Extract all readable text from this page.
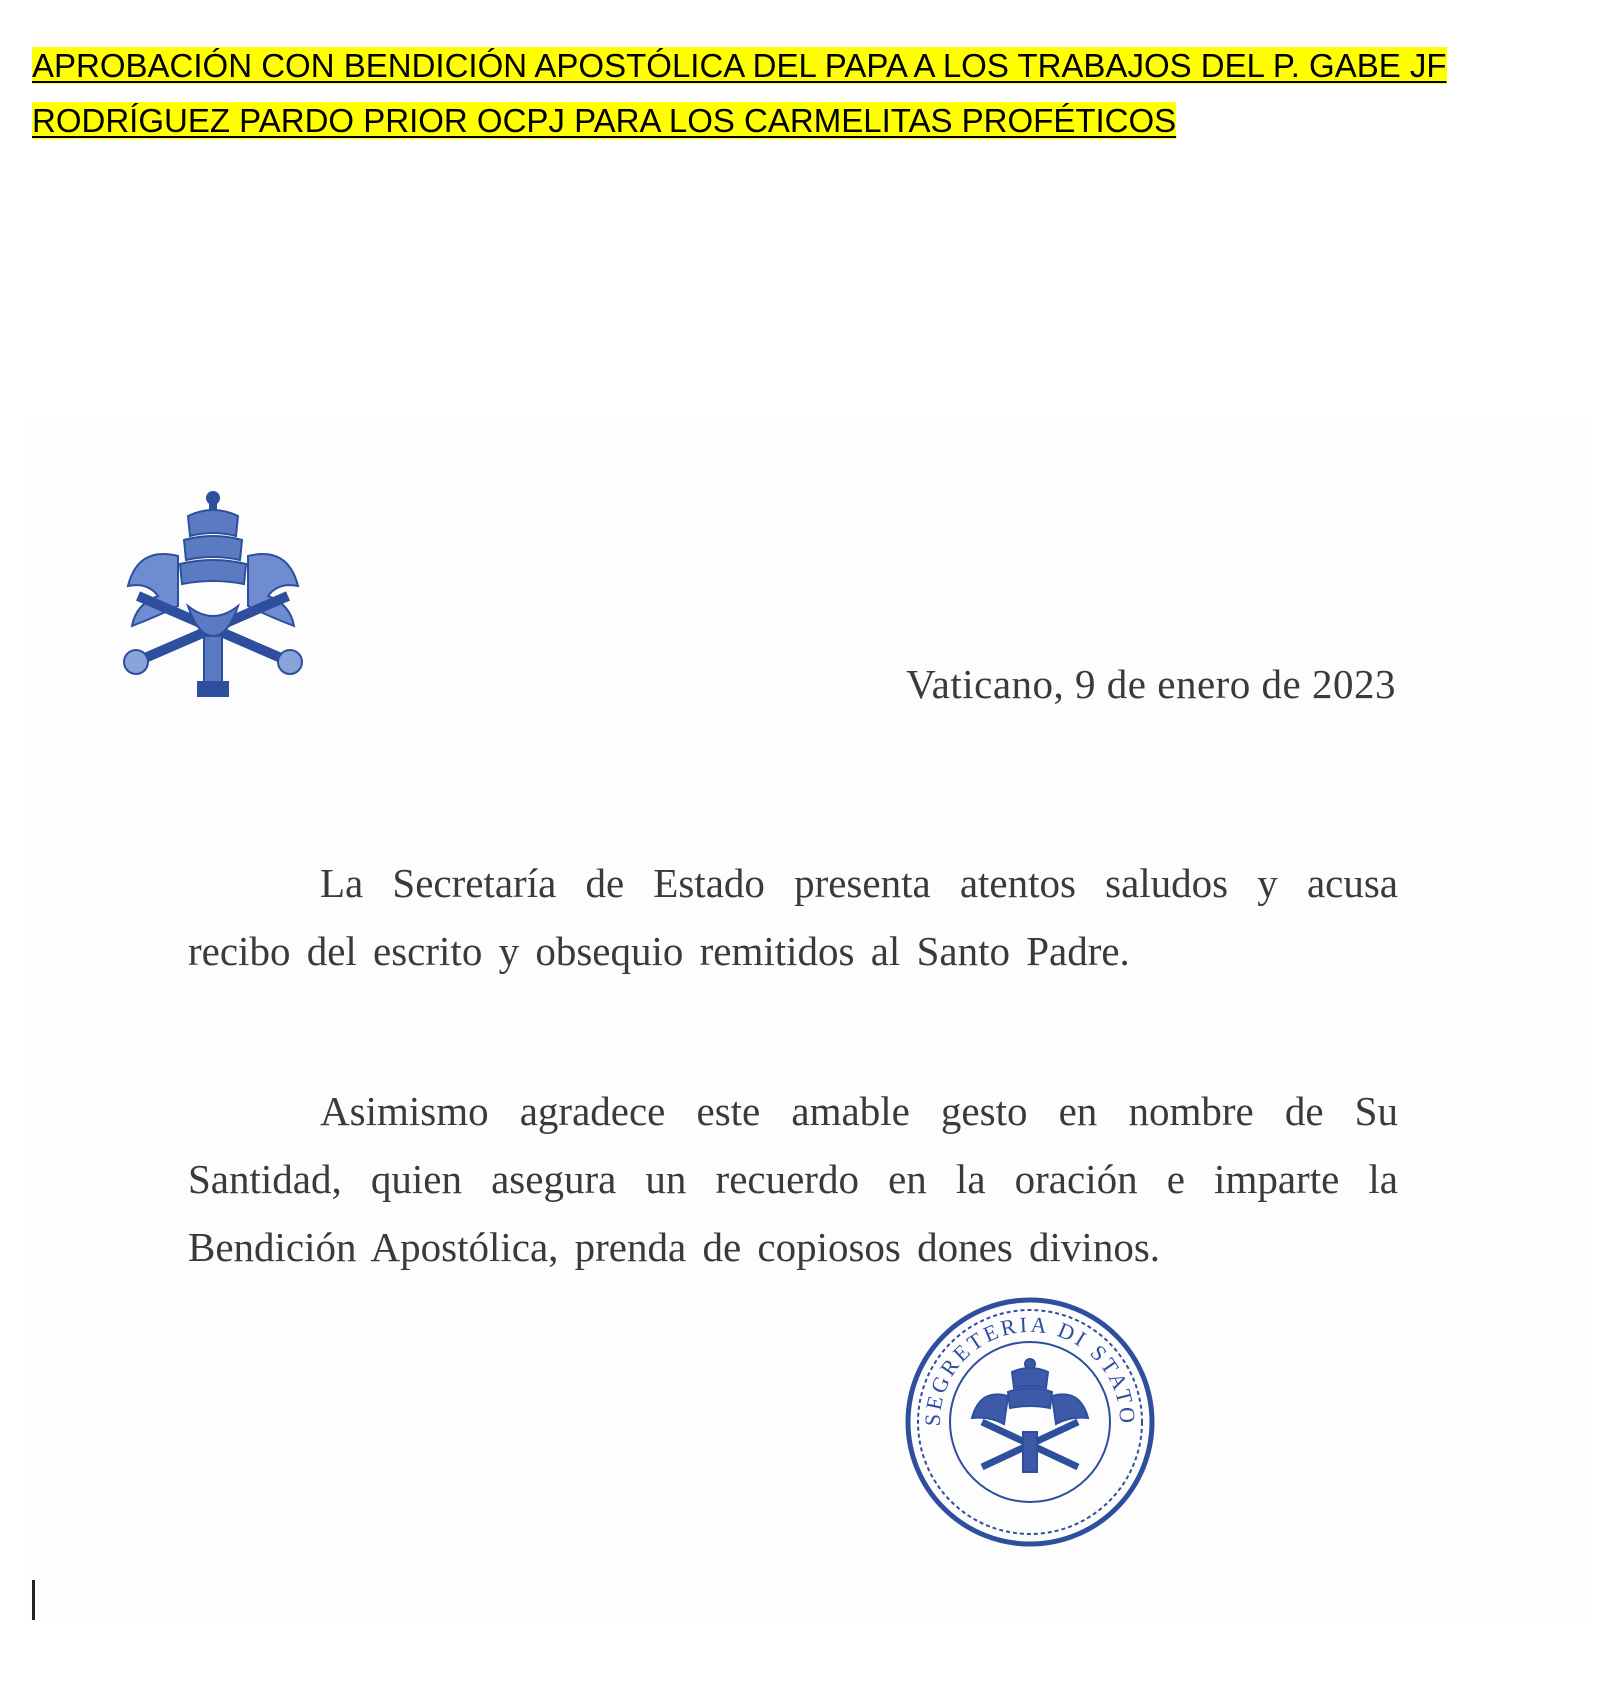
APROBACIÓN CON BENDICIÓN APOSTÓLICA DEL PAPA A LOS TRABAJOS DEL P. GABE JF
RODRÍGUEZ PARDO PRIOR OCPJ PARA LOS CARMELITAS PROFÉTICOS
Vaticano, 9 de enero de 2023

La Secretaría de Estado presenta atentos saludos y acusa recibo del escrito y obsequio remitidos al Santo Padre.

Asimismo agradece este amable gesto en nombre de Su Santidad, quien asegura un recuerdo en la oración e imparte la Bendición Apostólica, prenda de copiosos dones divinos.

SEGRETERIA DI STATO
